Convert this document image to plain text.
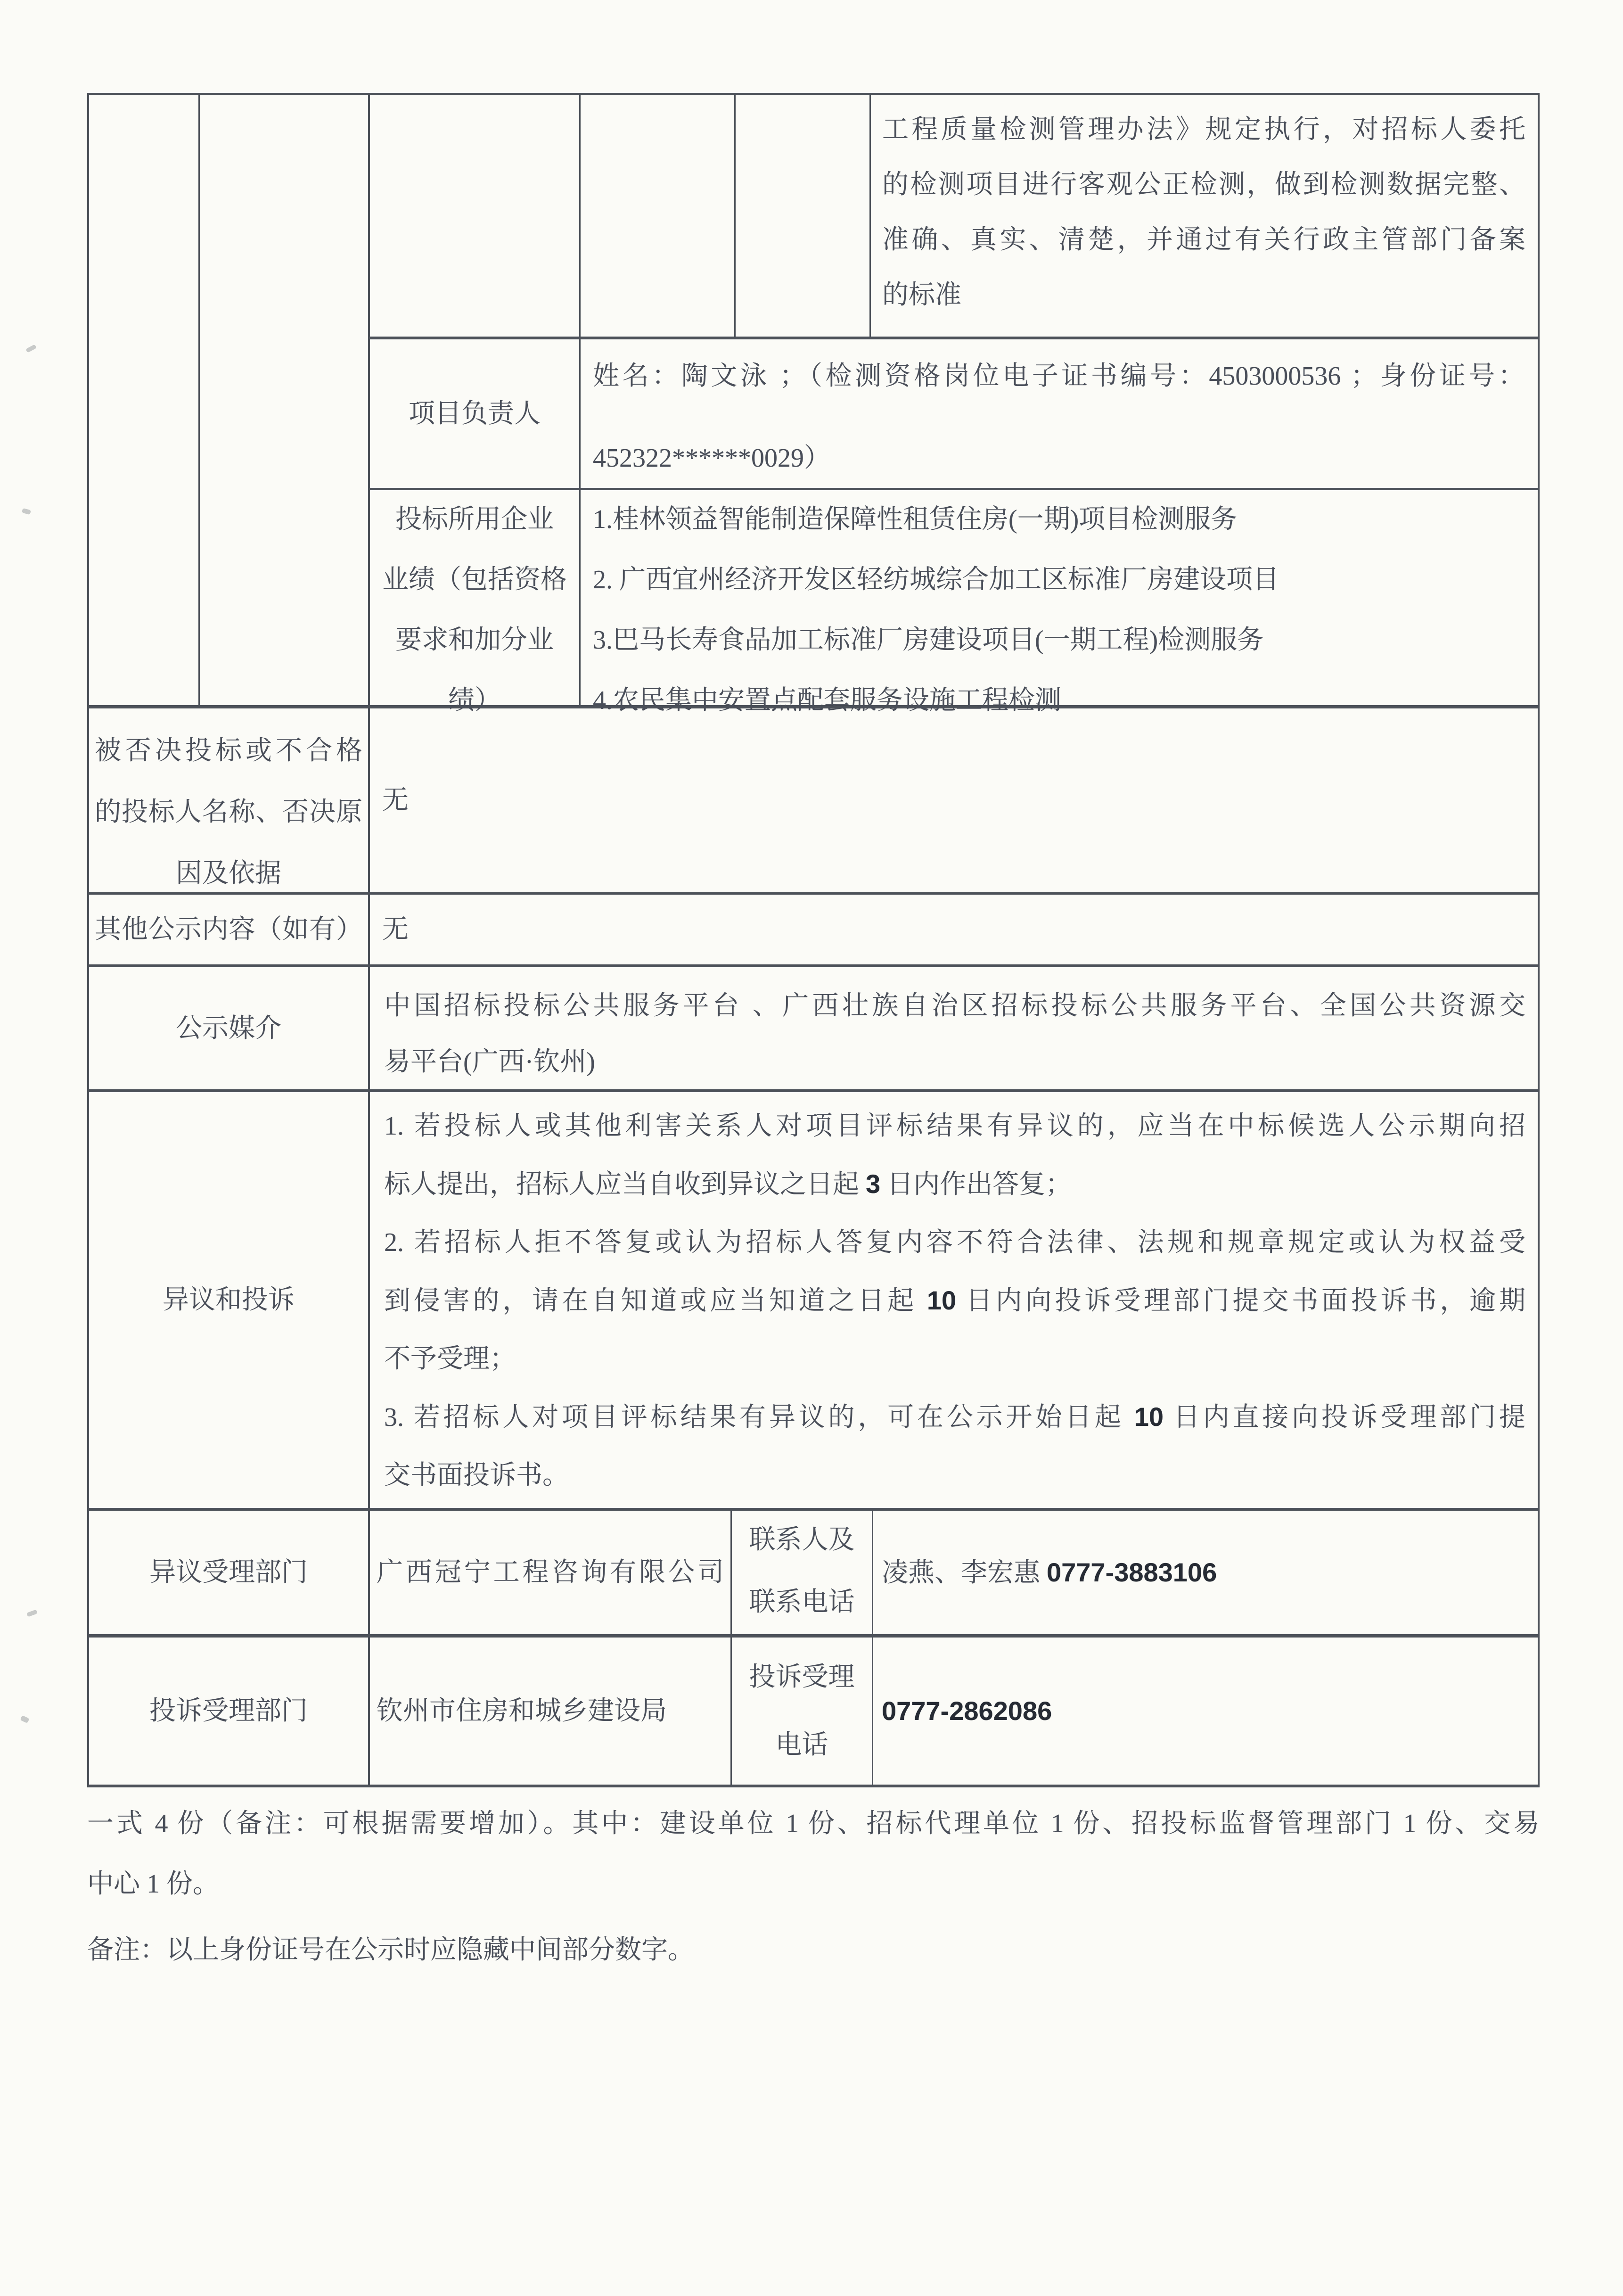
工程质量检测管理办法》规定执行，对招标人委托
的检测项目进行客观公正检测，做到检测数据完整、
准确、真实、清楚，并通过有关行政主管部门备案
的标准
项目负责人
姓名：陶文泳 ；（检测资格岗位电子证书编号：4503000536 ；身份证号：
452322******0029）
投标所用企业
业绩（包括资格
要求和加分业
绩）
1.桂林领益智能制造保障性租赁住房(一期)项目检测服务
2. 广西宜州经济开发区轻纺城综合加工区标准厂房建设项目
3.巴马长寿食品加工标准厂房建设项目(一期工程)检测服务
4.农民集中安置点配套服务设施工程检测
被否决投标或不合格
的投标人名称、否决原
因及依据
无
其他公示内容（如有） 无
公示媒介
中国招标投标公共服务平台 、广西壮族自治区招标投标公共服务平台、全国公共资源交
易平台(广西·钦州)
异议和投诉
1. 若投标人或其他利害关系人对项目评标结果有异议的，应当在中标候选人公示期向招
标人提出，招标人应当自收到异议之日起 3 日内作出答复；
2. 若招标人拒不答复或认为招标人答复内容不符合法律、法规和规章规定或认为权益受
到侵害的，请在自知道或应当知道之日起 10 日内向投诉受理部门提交书面投诉书，逾期
不予受理；
3. 若招标人对项目评标结果有异议的，可在公示开始日起 10 日内直接向投诉受理部门提
交书面投诉书。
异议受理部门	广西冠宁工程咨询有限公司
联系人及
联系电话
凌燕、李宏惠 0777-3883106
投诉受理部门	钦州市住房和城乡建设局
投诉受理
电话
0777-2862086
一式 4 份（备注：可根据需要增加）。其中：建设单位 1 份、招标代理单位 1 份、招投标监督管理部门 1 份、交易
中心 1 份。
备注：以上身份证号在公示时应隐藏中间部分数字。
